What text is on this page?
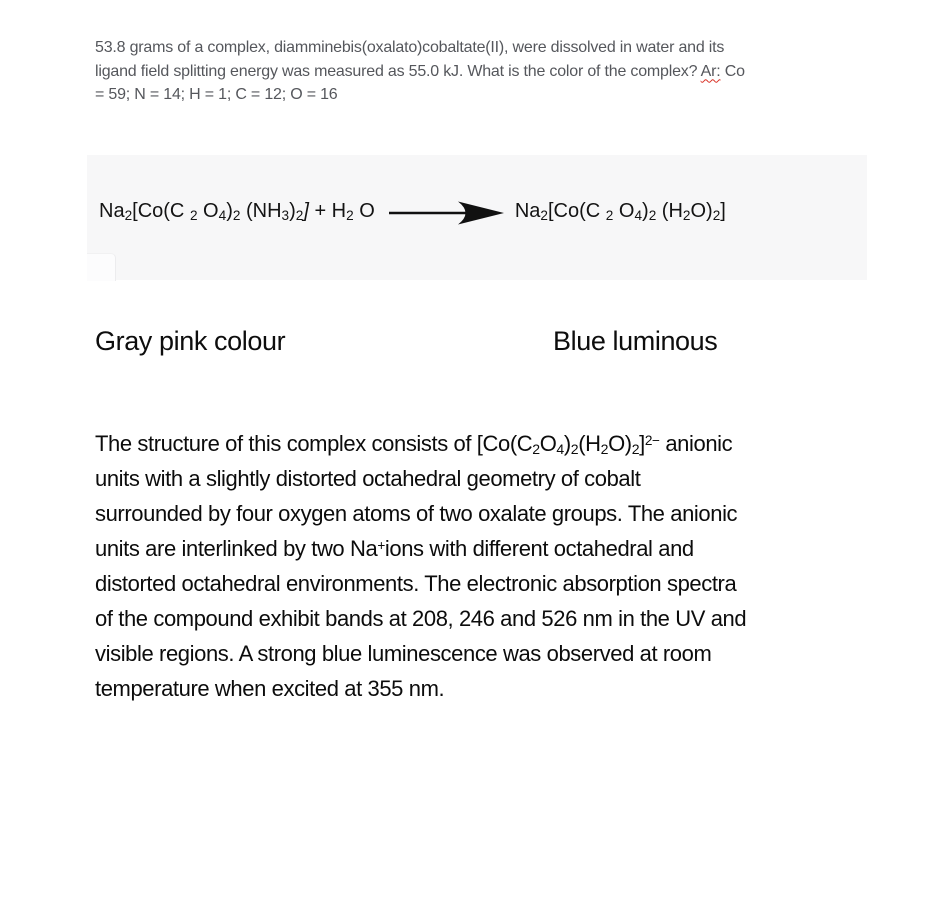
53.8 grams of a complex, diamminebis(oxalato)cobaltate(II), were dissolved in water and its
ligand field splitting energy was measured as 55.0 kJ. What is the color of the complex? Ar: Co
= 59; N = 14; H = 1; C = 12; O = 16
$Na_2[Co(C$ $_2$ $O_4)_2$ $(NH_3)_2] + H_2$ O	$Na_2[Co(C$ $_2$ $O_4)_2$ $(H_2O)_2$]
Gray pink colour	Blue luminous
The structure of this complex consists of $[Co(C_2O_4)_2(H_2O)_2]^{2-}$ anionic
units with a slightly distorted octahedral geometry of cobalt
surrounded by four oxygen atoms of two oxalate groups. The anionic
units are interlinked by two Na+ions with different octahedral and
distorted octahedral environments. The electronic absorption spectra
of the compound exhibit bands at 208, 246 and 526 nm in the UV and
visible regions. A strong blue luminescence was observed at room
temperature when excited at 355 nm.
